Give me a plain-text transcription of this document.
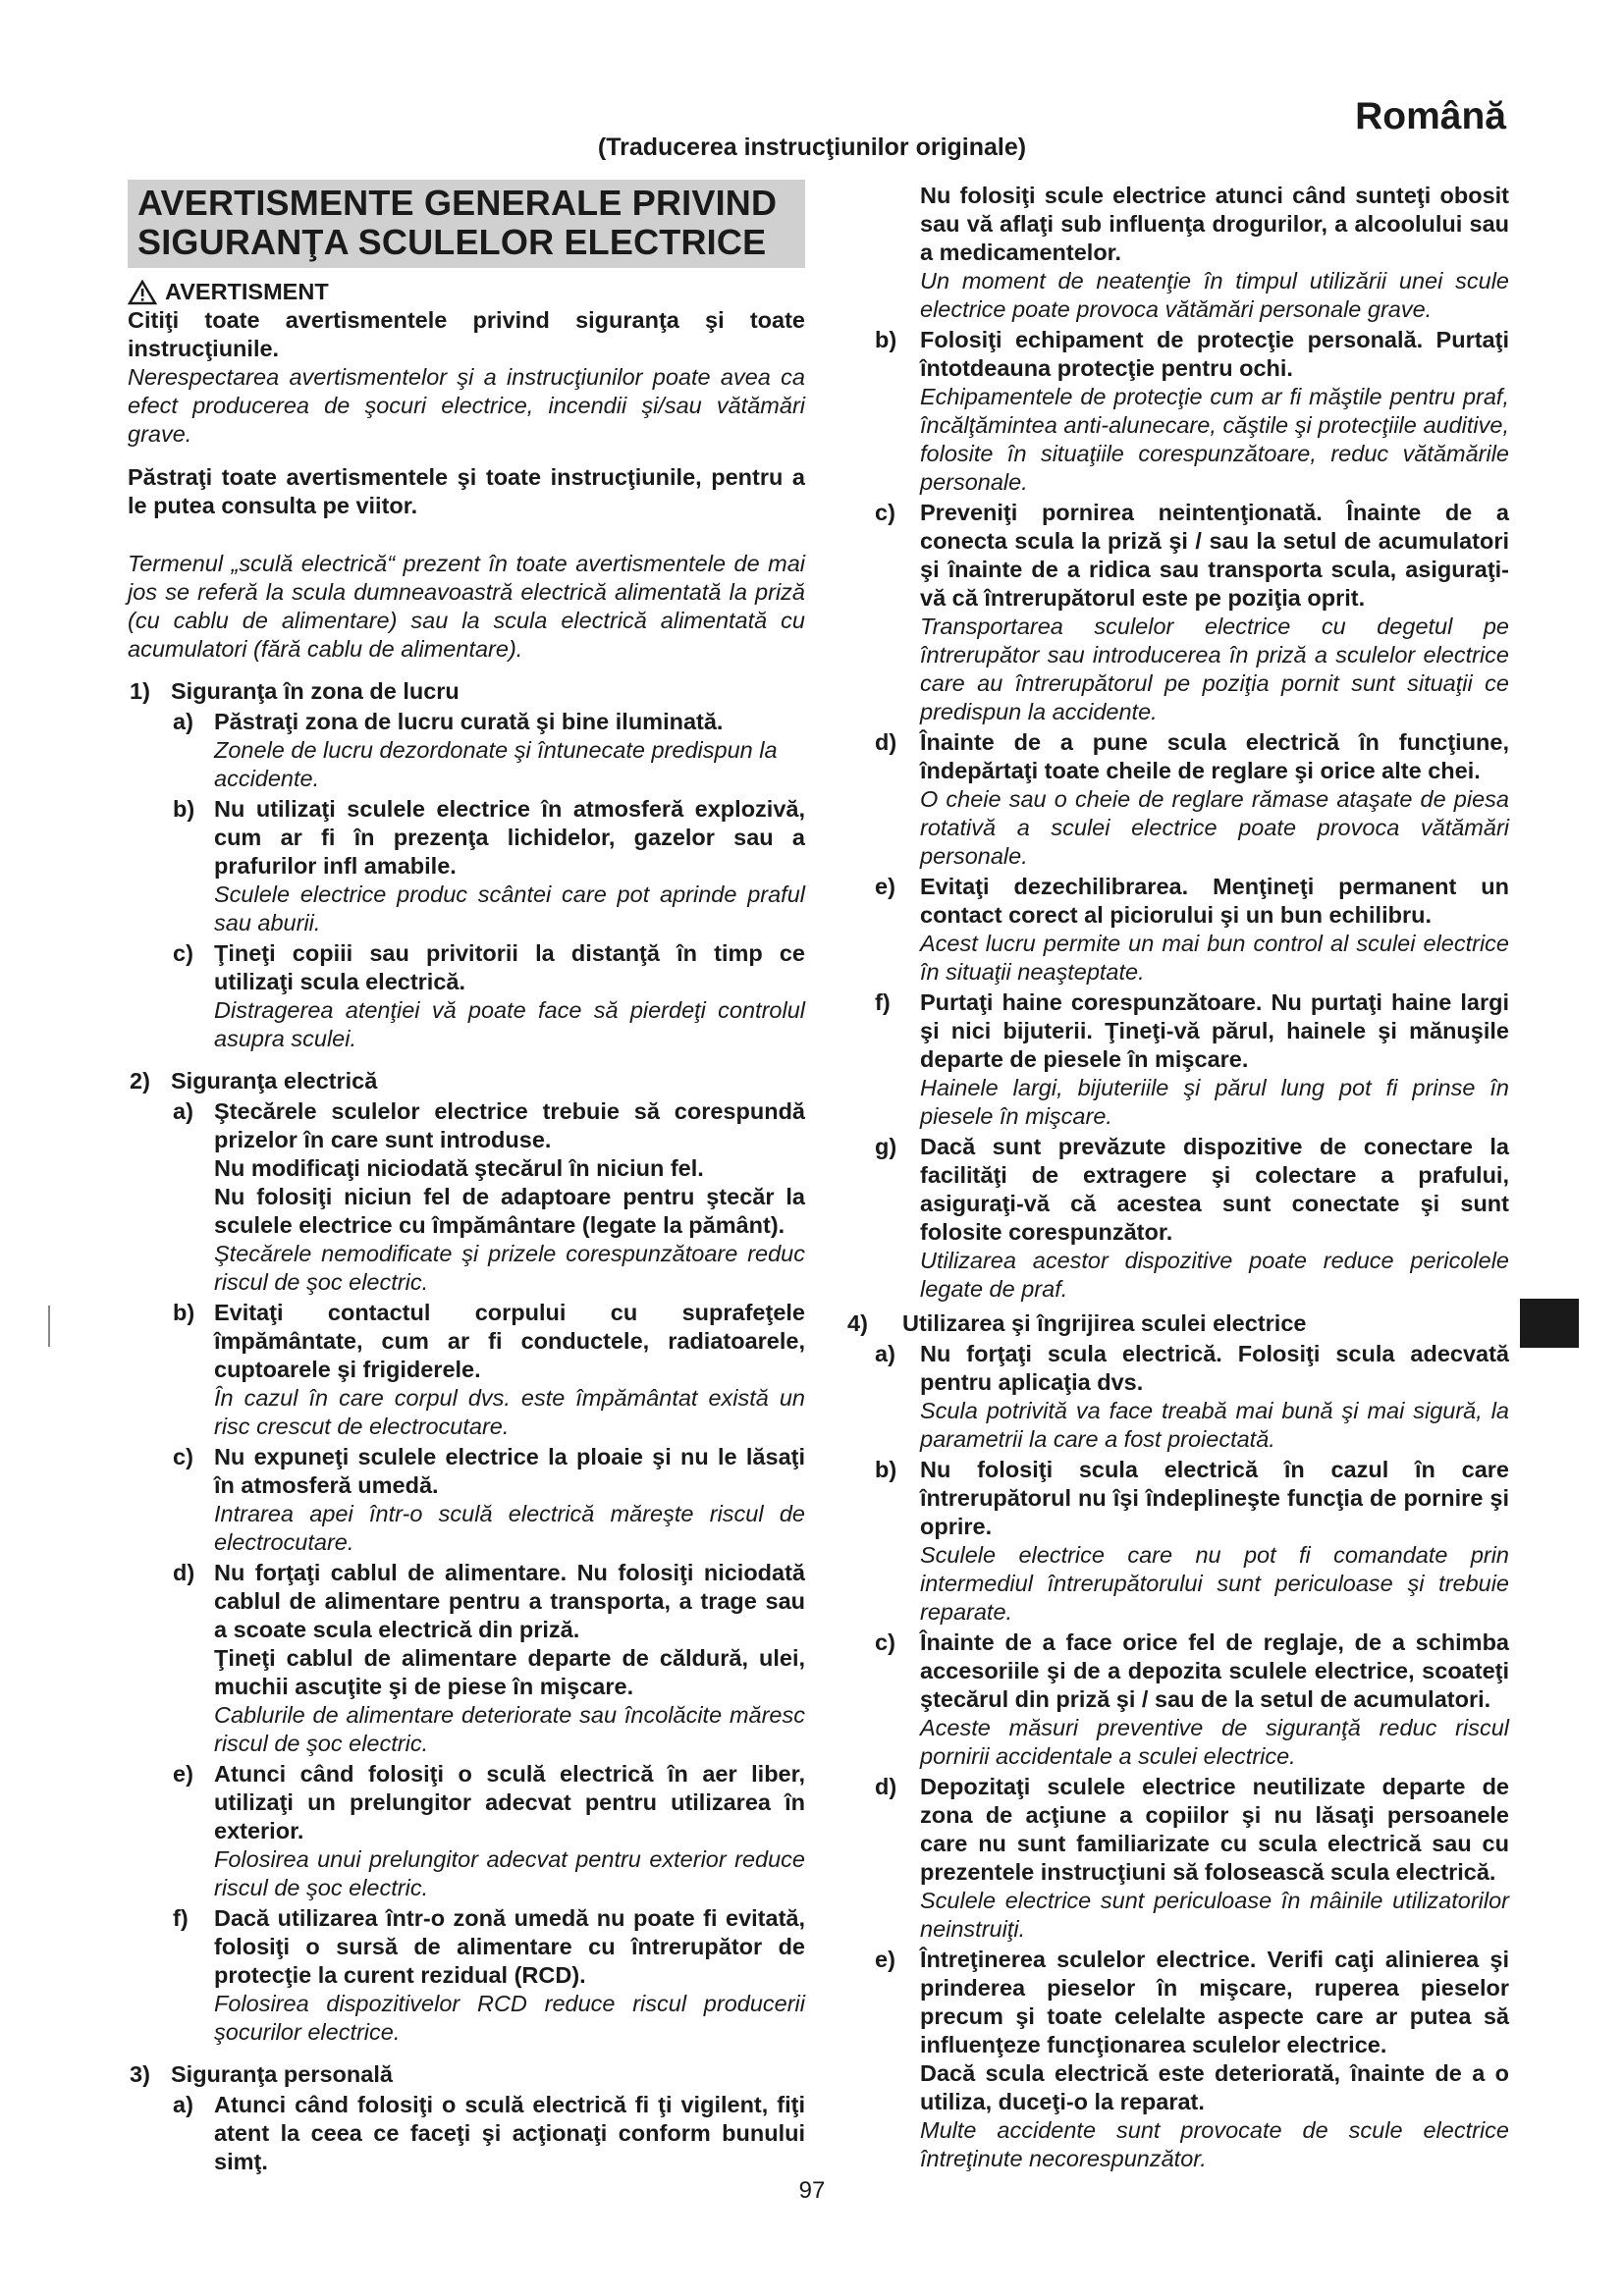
Română
(Traducerea instrucţiunilor originale)
AVERTISMENTE GENERALE PRIVIND
SIGURANŢA SCULELOR ELECTRICE
AVERTISMENT
Citiţi toate avertismentele privind siguranţa şi toate instrucţiunile.
Nerespectarea avertismentelor şi a instrucţiunilor poate avea ca efect producerea de şocuri electrice, incendii şi/sau vătămări grave.
Păstraţi toate avertismentele şi toate instrucţiunile, pentru a le putea consulta pe viitor.
Termenul „sculă electrică“ prezent în toate avertismentele de mai jos se referă la scula dumneavoastră electrică alimentată la priză (cu cablu de alimentare) sau la scula electrică alimentată cu acumulatori (fără cablu de alimentare).
1) Siguranţa în zona de lucru
a) Păstraţi zona de lucru curată şi bine iluminată.
Zonele de lucru dezordonate şi întunecate predispun la accidente.
b) Nu utilizaţi sculele electrice în atmosferă explozivă, cum ar fi în prezenţa lichidelor, gazelor sau a prafurilor infl amabile.
Sculele electrice produc scântei care pot aprinde praful sau aburii.
c) Ţineţi copiii sau privitorii la distanţă în timp ce utilizaţi scula electrică.
Distragerea atenţiei vă poate face să pierdeţi controlul asupra sculei.
2) Siguranţa electrică
a) Ştecărele sculelor electrice trebuie să corespundă prizelor în care sunt introduse.
Nu modificaţi niciodată ştecărul în niciun fel.
Nu folosiţi niciun fel de adaptoare pentru ştecăr la sculele electrice cu împământare (legate la pământ).
Ştecărele nemodificate şi prizele corespunzătoare reduc riscul de şoc electric.
b) Evitaţi contactul corpului cu suprafeţele împământate, cum ar fi conductele, radiatoarele, cuptoarele şi frigiderele.
În cazul în care corpul dvs. este împământat există un risc crescut de electrocutare.
c) Nu expuneţi sculele electrice la ploaie şi nu le lăsaţi în atmosferă umedă.
Intrarea apei într-o sculă electrică măreşte riscul de electrocutare.
d) Nu forţaţi cablul de alimentare. Nu folosiţi niciodată cablul de alimentare pentru a transporta, a trage sau a scoate scula electrică din priză.
Ţineţi cablul de alimentare departe de căldură, ulei, muchii ascuţite şi de piese în mişcare.
Cablurile de alimentare deteriorate sau încolăcite măresc riscul de şoc electric.
e) Atunci când folosiţi o sculă electrică în aer liber, utilizaţi un prelungitor adecvat pentru utilizarea în exterior.
Folosirea unui prelungitor adecvat pentru exterior reduce riscul de şoc electric.
f) Dacă utilizarea într-o zonă umedă nu poate fi evitată, folosiţi o sursă de alimentare cu întrerupător de protecţie la curent rezidual (RCD).
Folosirea dispozitivelor RCD reduce riscul producerii şocurilor electrice.
3) Siguranţa personală
a) Atunci când folosiţi o sculă electrică fi ţi vigilent, fiţi atent la ceea ce faceţi şi acţionaţi conform bunului simţ.
Nu folosiţi scule electrice atunci când sunteţi obosit sau vă aflaţi sub influenţa drogurilor, a alcoolului sau a medicamentelor.
Un moment de neatenţie în timpul utilizării unei scule electrice poate provoca vătămări personale grave.
b) Folosiţi echipament de protecţie personală. Purtaţi întotdeauna protecţie pentru ochi.
Echipamentele de protecţie cum ar fi măştile pentru praf, încălţămintea anti-alunecare, căştile şi protecţiile auditive, folosite în situaţiile corespunzătoare, reduc vătămările personale.
c) Preveniţi pornirea neintenţionată. Înainte de a conecta scula la priză şi / sau la setul de acumulatori şi înainte de a ridica sau transporta scula, asiguraţi-vă că întrerupătorul este pe poziţia oprit.
Transportarea sculelor electrice cu degetul pe întrerupător sau introducerea în priză a sculelor electrice care au întrerupătorul pe poziţia pornit sunt situaţii ce predispun la accidente.
d) Înainte de a pune scula electrică în funcţiune, îndepărtaţi toate cheile de reglare şi orice alte chei.
O cheie sau o cheie de reglare rămase ataşate de piesa rotativă a sculei electrice poate provoca vătămări personale.
e) Evitaţi dezechilibrarea. Menţineţi permanent un contact corect al piciorului şi un bun echilibru.
Acest lucru permite un mai bun control al sculei electrice în situaţii neaşteptate.
f) Purtaţi haine corespunzătoare. Nu purtaţi haine largi şi nici bijuterii. Ţineţi-vă părul, hainele şi mănuşile departe de piesele în mişcare.
Hainele largi, bijuteriile şi părul lung pot fi prinse în piesele în mişcare.
g) Dacă sunt prevăzute dispozitive de conectare la facilităţi de extragere şi colectare a prafului, asiguraţi-vă că acestea sunt conectate şi sunt folosite corespunzător.
Utilizarea acestor dispozitive poate reduce pericolele legate de praf.
4) Utilizarea şi îngrijirea sculei electrice
a) Nu forţaţi scula electrică. Folosiţi scula adecvată pentru aplicaţia dvs.
Scula potrivită va face treabă mai bună şi mai sigură, la parametrii la care a fost proiectată.
b) Nu folosiţi scula electrică în cazul în care întrerupătorul nu îşi îndeplineşte funcţia de pornire şi oprire.
Sculele electrice care nu pot fi comandate prin intermediul întrerupătorului sunt periculoase şi trebuie reparate.
c) Înainte de a face orice fel de reglaje, de a schimba accesoriile şi de a depozita sculele electrice, scoateţi ştecărul din priză şi / sau de la setul de acumulatori.
Aceste măsuri preventive de siguranţă reduc riscul pornirii accidentale a sculei electrice.
d) Depozitaţi sculele electrice neutilizate departe de zona de acţiune a copiilor şi nu lăsaţi persoanele care nu sunt familiarizate cu scula electrică sau cu prezentele instrucţiuni să folosească scula electrică.
Sculele electrice sunt periculoase în mâinile utilizatorilor neinstruiţi.
e) Întreţinerea sculelor electrice. Verifi caţi alinierea şi prinderea pieselor în mişcare, ruperea pieselor precum şi toate celelalte aspecte care ar putea să influenţeze funcţionarea sculelor electrice.
Dacă scula electrică este deteriorată, înainte de a o utiliza, duceţi-o la reparat.
Multe accidente sunt provocate de scule electrice întreţinute necorespunzător.
97
